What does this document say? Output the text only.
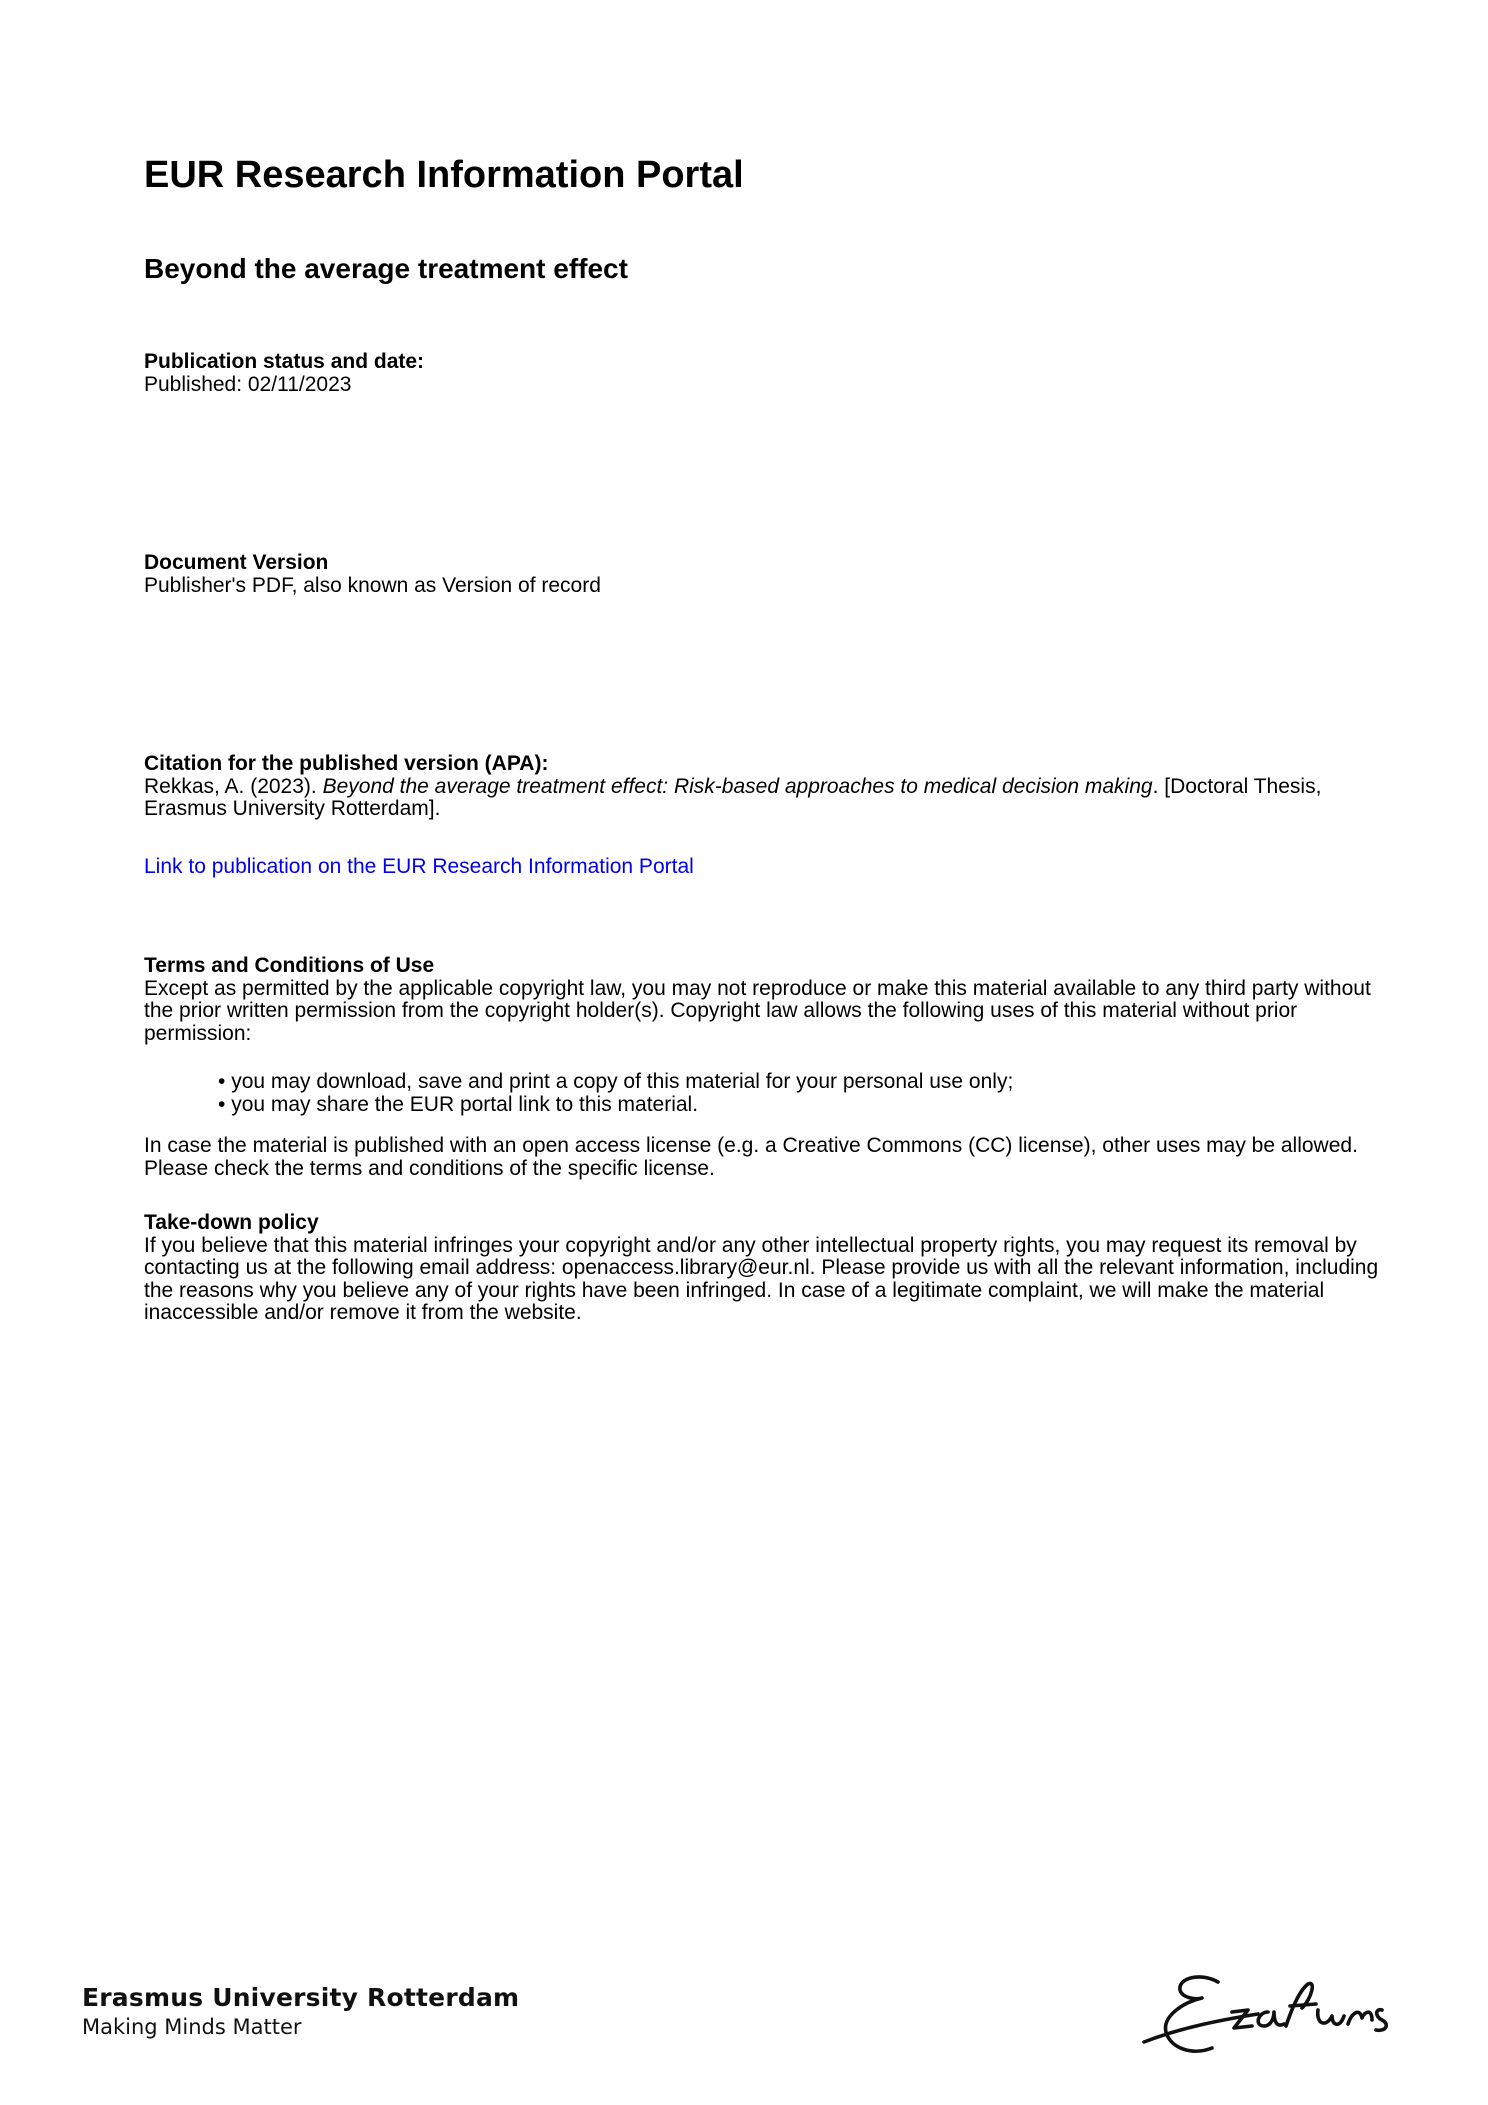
EUR Research Information Portal
Beyond the average treatment effect
Publication status and date:
Published: 02/11/2023
Document Version
Publisher's PDF, also known as Version of record
Citation for the published version (APA):
Rekkas, A. (2023). Beyond the average treatment effect: Risk-based approaches to medical decision making. [Doctoral Thesis, Erasmus University Rotterdam].
Link to publication on the EUR Research Information Portal
Terms and Conditions of Use
Except as permitted by the applicable copyright law, you may not reproduce or make this material available to any third party without the prior written permission from the copyright holder(s). Copyright law allows the following uses of this material without prior permission:
• you may download, save and print a copy of this material for your personal use only;
• you may share the EUR portal link to this material.
In case the material is published with an open access license (e.g. a Creative Commons (CC) license), other uses may be allowed. Please check the terms and conditions of the specific license.
Take-down policy
If you believe that this material infringes your copyright and/or any other intellectual property rights, you may request its removal by contacting us at the following email address: openaccess.library@eur.nl. Please provide us with all the relevant information, including the reasons why you believe any of your rights have been infringed. In case of a legitimate complaint, we will make the material inaccessible and/or remove it from the website.
Erasmus University Rotterdam
Making Minds Matter
